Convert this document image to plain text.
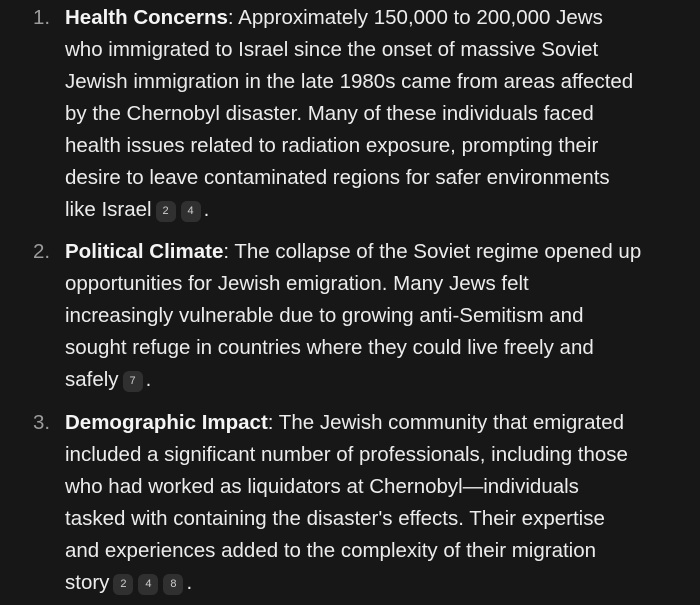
1. Health Concerns: Approximately 150,000 to 200,000 Jews
who immigrated to Israel since the onset of massive Soviet
Jewish immigration in the late 1980s came from areas affected
by the Chernobyl disaster. Many of these individuals faced
health issues related to radiation exposure, prompting their
desire to leave contaminated regions for safer environments
like Israel 2 4 .
2. Political Climate: The collapse of the Soviet regime opened up
opportunities for Jewish emigration. Many Jews felt
increasingly vulnerable due to growing anti-Semitism and
sought refuge in countries where they could live freely and
safely 7 .
3. Demographic Impact: The Jewish community that emigrated
included a significant number of professionals, including those
who had worked as liquidators at Chernobyl—individuals
tasked with containing the disaster's effects. Their expertise
and experiences added to the complexity of their migration
story 2 4 8 .
